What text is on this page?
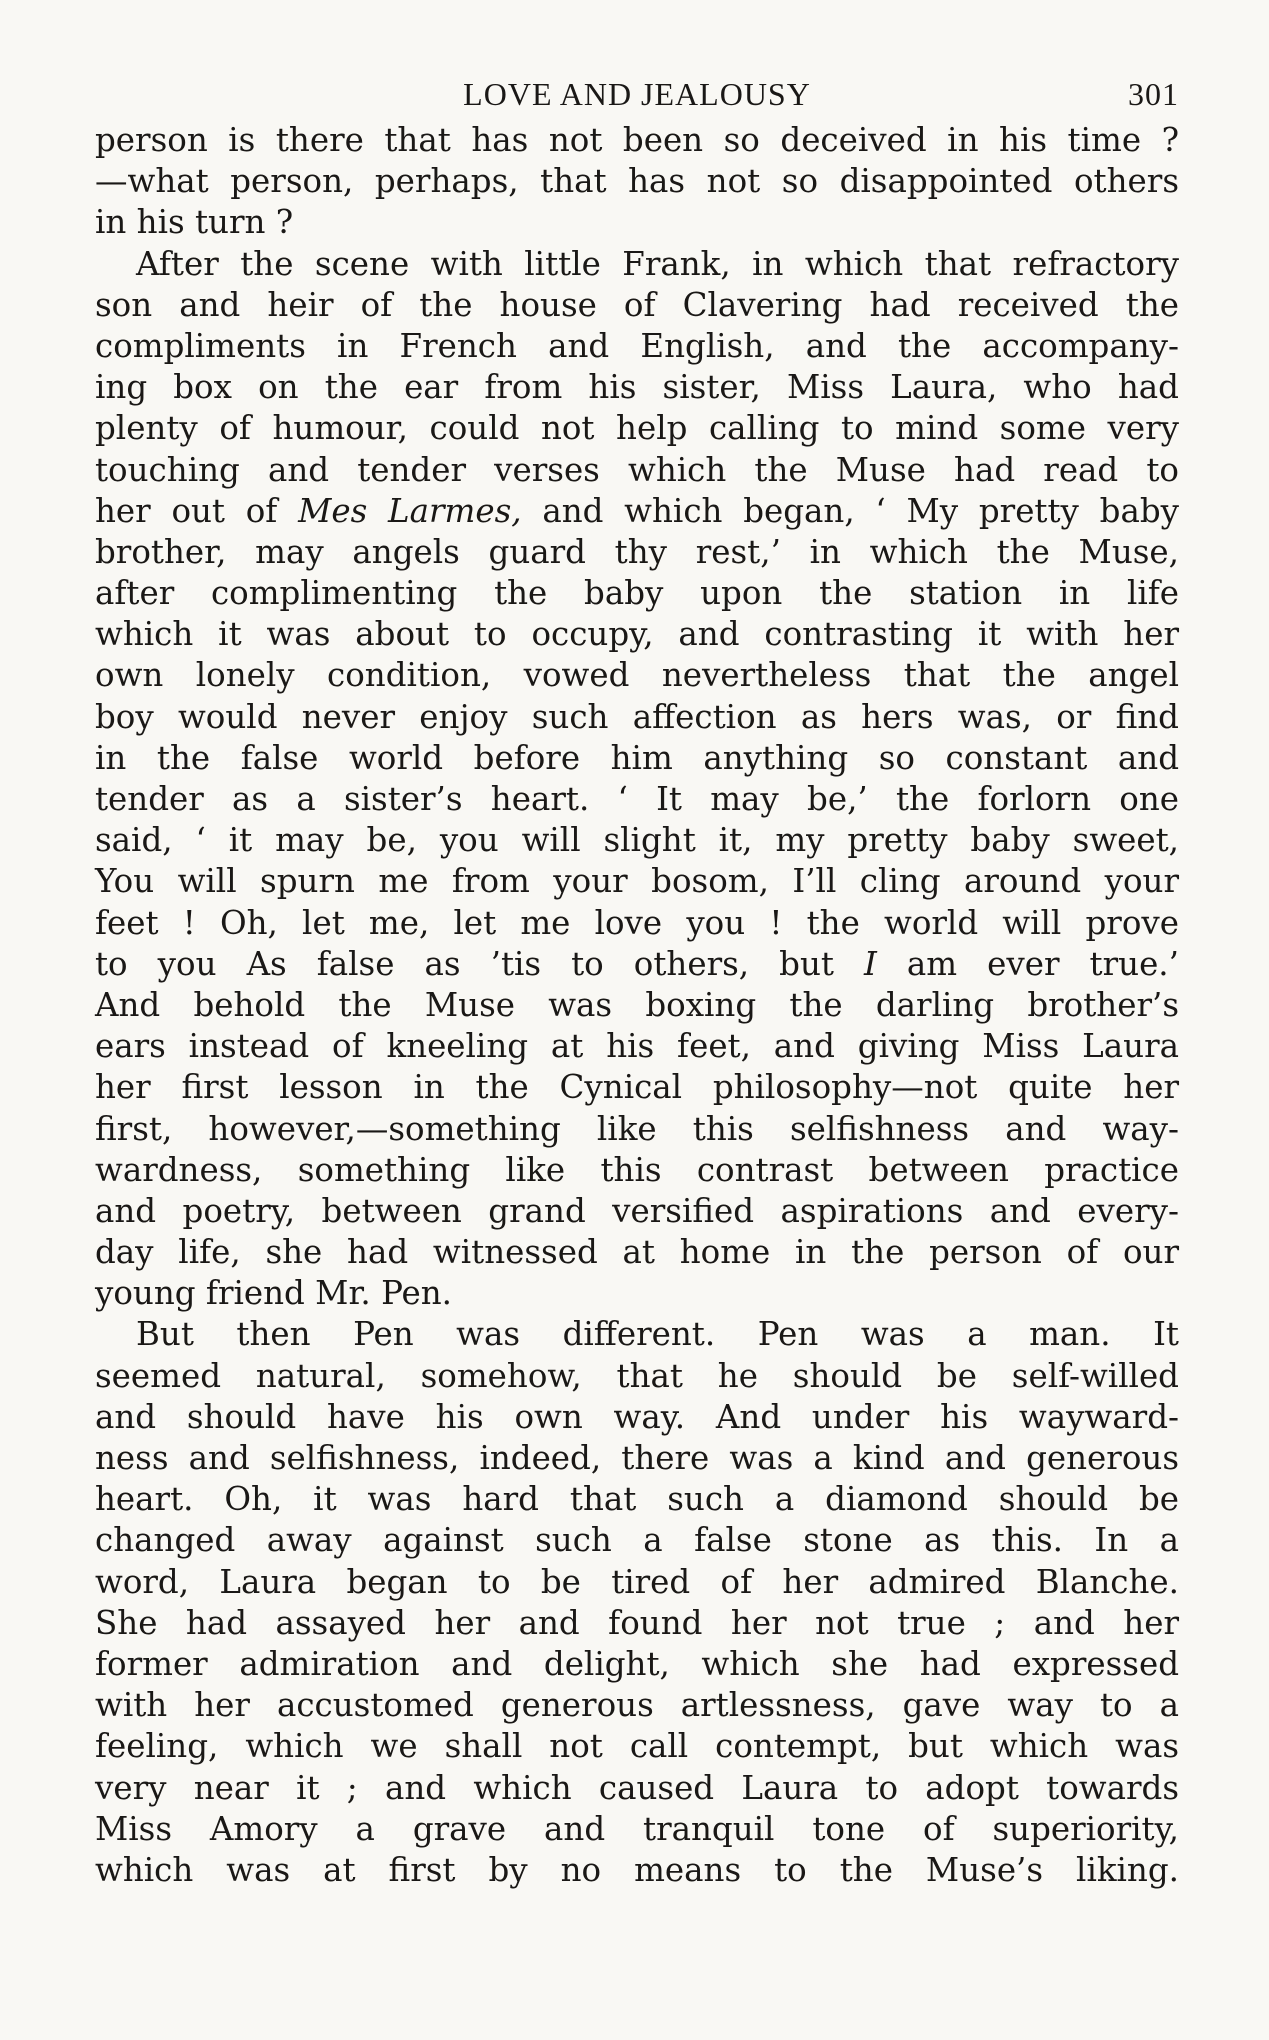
LOVE AND JEALOUSY	301
person is there that has not been so deceived in his time ?
—what person, perhaps, that has not so disappointed others
in his turn ?
After the scene with little Frank, in which that refractory
son and heir of the house of Clavering had received the
compliments in French and English, and the accompany-
ing box on the ear from his sister, Miss Laura, who had
plenty of humour, could not help calling to mind some very
touching and tender verses which the Muse had read to
her out of Mes Larmes, and which began, ‘ My pretty baby
brother, may angels guard thy rest,’ in which the Muse,
after complimenting the baby upon the station in life
which it was about to occupy, and contrasting it with her
own lonely condition, vowed nevertheless that the angel
boy would never enjoy such affection as hers was, or find
in the false world before him anything so constant and
tender as a sister’s heart. ‘ It may be,’ the forlorn one
said, ‘ it may be, you will slight it, my pretty baby sweet,
You will spurn me from your bosom, I’ll cling around your
feet ! Oh, let me, let me love you ! the world will prove
to you As false as ’tis to others, but I am ever true.’
And behold the Muse was boxing the darling brother’s
ears instead of kneeling at his feet, and giving Miss Laura
her first lesson in the Cynical philosophy—not quite her
first, however,—something like this selfishness and way-
wardness, something like this contrast between practice
and poetry, between grand versified aspirations and every-
day life, she had witnessed at home in the person of our
young friend Mr. Pen.
But then Pen was different. Pen was a man. It
seemed natural, somehow, that he should be self-willed
and should have his own way. And under his wayward-
ness and selfishness, indeed, there was a kind and generous
heart. Oh, it was hard that such a diamond should be
changed away against such a false stone as this. In a
word, Laura began to be tired of her admired Blanche.
She had assayed her and found her not true ; and her
former admiration and delight, which she had expressed
with her accustomed generous artlessness, gave way to a
feeling, which we shall not call contempt, but which was
very near it ; and which caused Laura to adopt towards
Miss Amory a grave and tranquil tone of superiority,
which was at first by no means to the Muse’s liking.
